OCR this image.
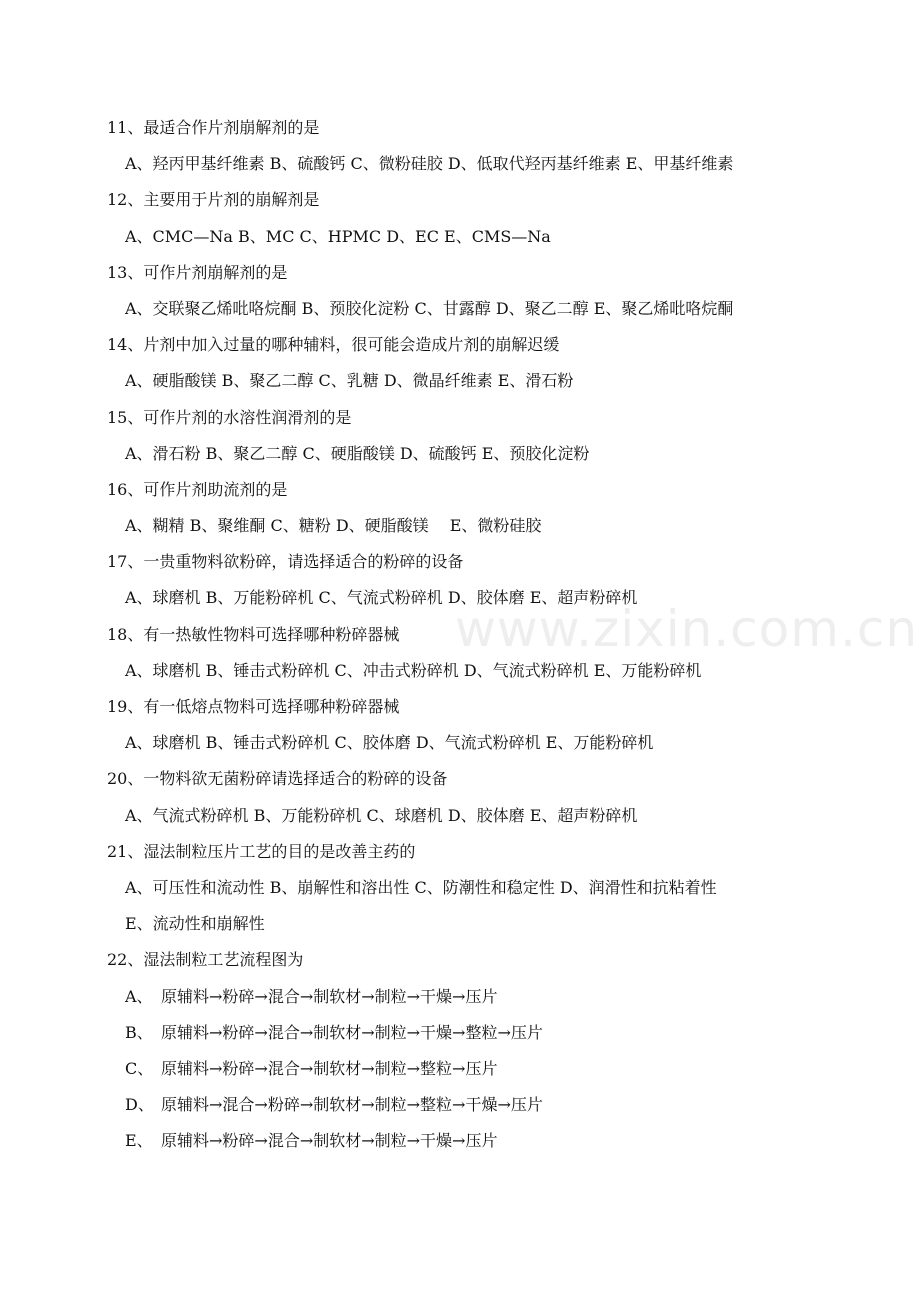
www.zixin.com.cn
11、最适合作片剂崩解剂的是
A、羟丙甲基纤维素 B、硫酸钙 C、微粉硅胶 D、低取代羟丙基纤维素 E、甲基纤维素
12、主要用于片剂的崩解剂是
A、CMC—Na B、MC C、HPMC D、EC E、CMS—Na
13、可作片剂崩解剂的是
A、交联聚乙烯吡咯烷酮 B、预胶化淀粉 C、甘露醇 D、聚乙二醇 E、聚乙烯吡咯烷酮
14、片剂中加入过量的哪种辅料，很可能会造成片剂的崩解迟缓
A、硬脂酸镁 B、聚乙二醇 C、乳糖 D、微晶纤维素 E、滑石粉
15、可作片剂的水溶性润滑剂的是
A、滑石粉 B、聚乙二醇 C、硬脂酸镁 D、硫酸钙 E、预胶化淀粉
16、可作片剂助流剂的是
A、糊精 B、聚维酮 C、糖粉 D、硬脂酸镁　 E、微粉硅胶
17、一贵重物料欲粉碎，请选择适合的粉碎的设备
A、球磨机 B、万能粉碎机 C、气流式粉碎机 D、胶体磨 E、超声粉碎机
18、有一热敏性物料可选择哪种粉碎器械
A、球磨机 B、锤击式粉碎机 C、冲击式粉碎机 D、气流式粉碎机 E、万能粉碎机
19、有一低熔点物料可选择哪种粉碎器械
A、球磨机 B、锤击式粉碎机 C、胶体磨 D、气流式粉碎机 E、万能粉碎机
20、一物料欲无菌粉碎请选择适合的粉碎的设备
A、气流式粉碎机 B、万能粉碎机 C、球磨机 D、胶体磨 E、超声粉碎机
21、湿法制粒压片工艺的目的是改善主药的
A、可压性和流动性 B、崩解性和溶出性 C、防潮性和稳定性 D、润滑性和抗粘着性
E、流动性和崩解性
22、湿法制粒工艺流程图为
A、 原辅料→粉碎→混合→制软材→制粒→干燥→压片
B、 原辅料→粉碎→混合→制软材→制粒→干燥→整粒→压片
C、 原辅料→粉碎→混合→制软材→制粒→整粒→压片
D、 原辅料→混合→粉碎→制软材→制粒→整粒→干燥→压片
E、 原辅料→粉碎→混合→制软材→制粒→干燥→压片
